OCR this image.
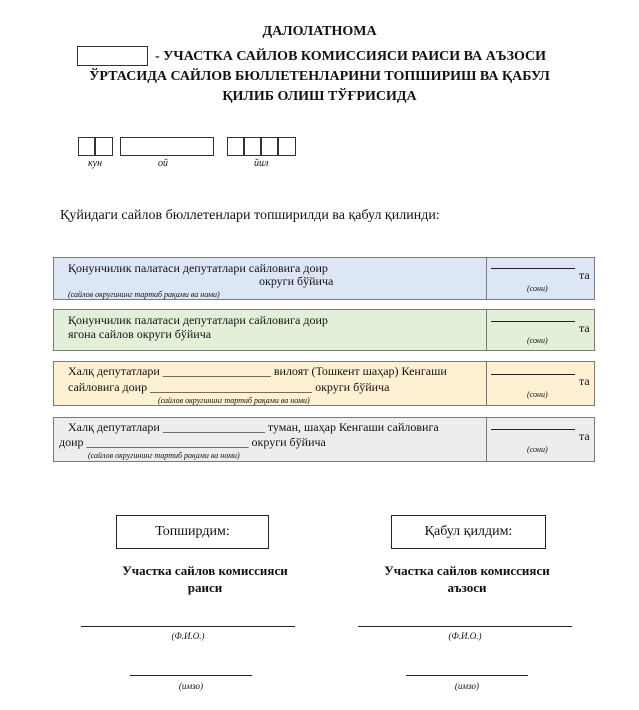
ДАЛОЛАТНОМА
- УЧАСТКА САЙЛОВ КОМИССИЯСИ РАИСИ ВА АЪЗОСИ
ЎРТАСИДА САЙЛОВ БЮЛЛЕТЕНЛАРИНИ ТОПШИРИШ ВА ҚАБУЛ
ҚИЛИБ ОЛИШ ТЎҒРИСИДА
кун	ой	йил
Қуйидаги сайлов бюллетенлари топширилди ва қабул қилинди:
Қонунчилик палатаси депутатлари сайловига доир
округи бўйича
(сайлов округининг тартиб рақами ва номи)
та
(сони)
Қонунчилик палатаси депутатлари сайловига доир
ягона сайлов округи бўйича	та
(сони)
Халқ депутатлари __________________ вилоят (Тошкент шаҳар) Кенгаши
сайловига доир ___________________________ округи бўйича
(сайлов округининг тартиб рақами ва номи)
та
(сони)
Халқ депутатлари _________________ туман, шаҳар Кенгаши сайловига
доир ___________________________ округи бўйича
(сайлов округининг тартиб рақами ва номи)
та
(сони)
Топширдим:
Участка сайлов комиссияси
раиси
(Ф.И.О.)
(имзо)
Қабул қилдим:
Участка сайлов комиссияси
аъзоси
(Ф.И.О.)
(имзо)
